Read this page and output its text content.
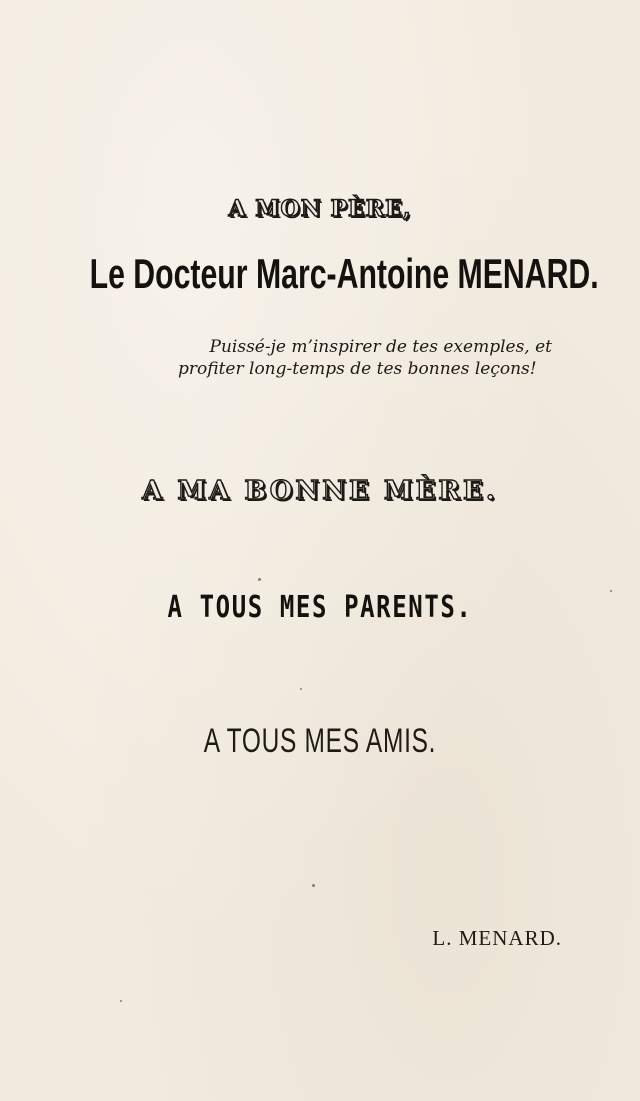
A MON PÈRE,
Le Docteur Marc-Antoine MENARD.
Puissé-je m’inspirer de tes exemples, et
profiter long-temps de tes bonnes leçons!
A MA BONNE MÈRE.
A TOUS MES PARENTS.
A TOUS MES AMIS.
L. MENARD.
